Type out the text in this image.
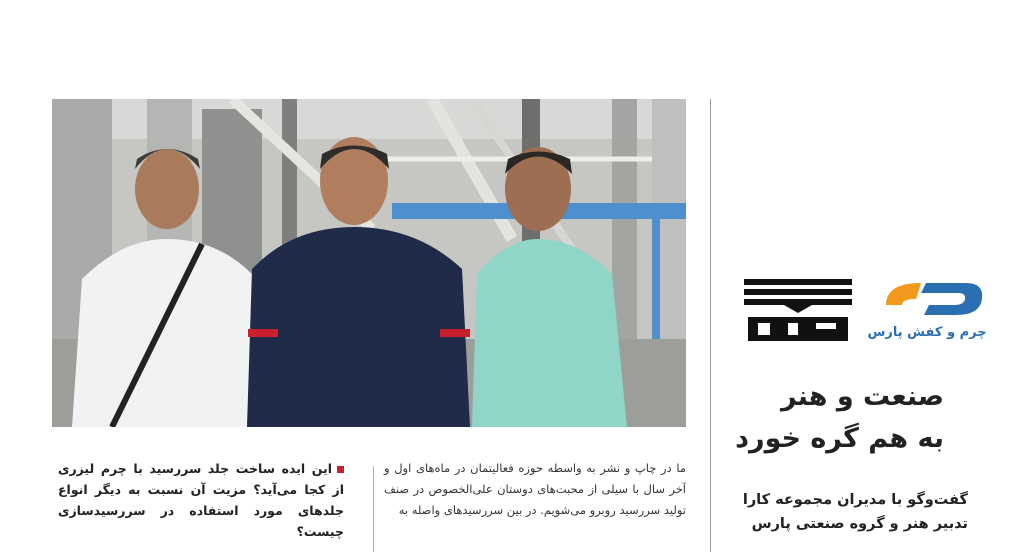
چرم و کفش پارس
صنعت و هنر
به هم گره خورد
گفت‌وگو با مدیران مجموعه کارا
تدبیر هنر و گروه صنعتی پارس
ما در چاپ و نشر به واسطه حوزه فعالیتمان در ماه‌های اول و آخر سال با سیلی از محبت‌های دوستان علی‌الخصوص در صنف تولید سررسید روبرو می‌شویم. در بین سررسیدهای واصله به
این ایده ساخت جلد سررسید با چرم لیزری از کجا می‌آید؟ مزیت آن نسبت به دیگر انواع جلدهای مورد استفاده در سررسیدسازی چیست؟
